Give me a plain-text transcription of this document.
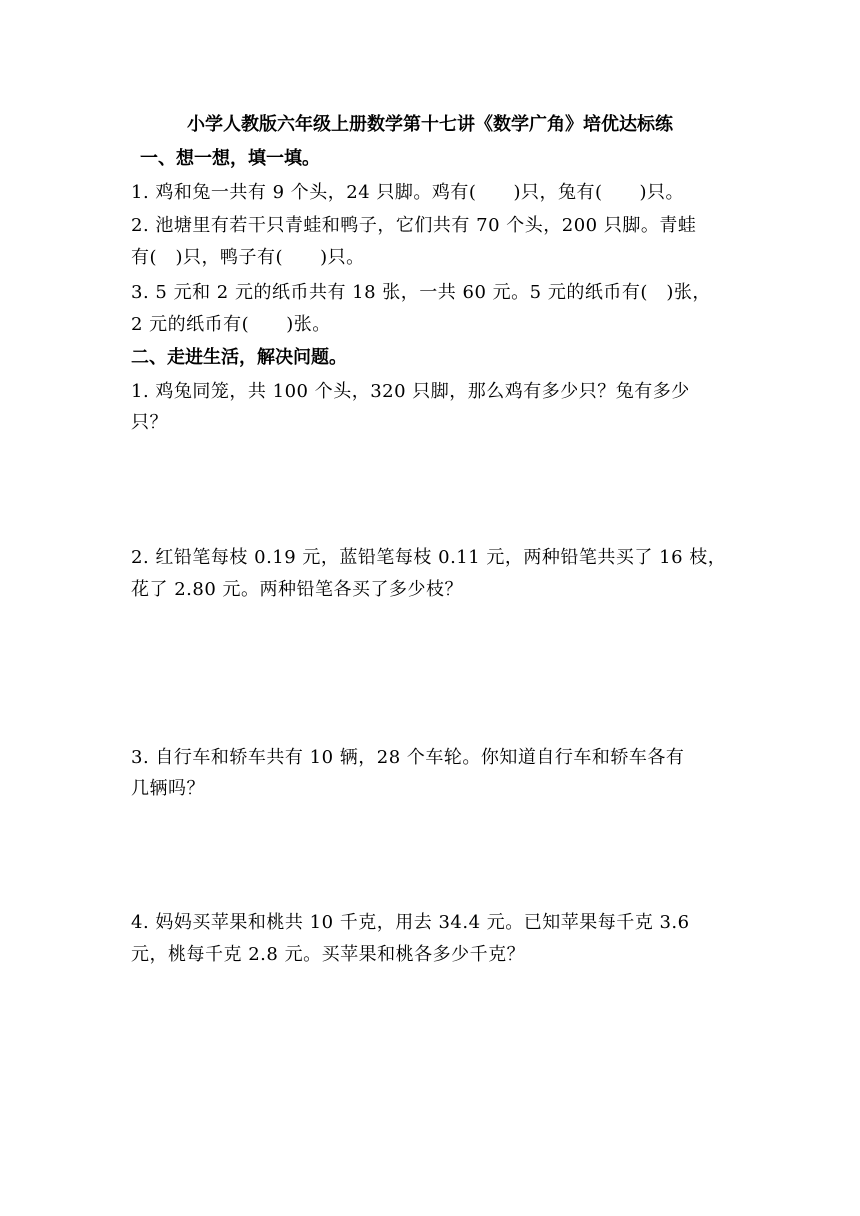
小学人教版六年级上册数学第十七讲《数学广角》培优达标练
一、想一想，填一填。
1. 鸡和兔一共有 9 个头，24 只脚。鸡有(　　)只，兔有(　　)只。
2. 池塘里有若干只青蛙和鸭子，它们共有 70 个头，200 只脚。青蛙
有(　)只，鸭子有(　　)只。
3. 5 元和 2 元的纸币共有 18 张，一共 60 元。5 元的纸币有(　)张，
2 元的纸币有(　　)张。
二、走进生活，解决问题。
1. 鸡兔同笼，共 100 个头，320 只脚，那么鸡有多少只？兔有多少
只？
2. 红铅笔每枝 0.19 元，蓝铅笔每枝 0.11 元，两种铅笔共买了 16 枝，
花了 2.80 元。两种铅笔各买了多少枝？
3. 自行车和轿车共有 10 辆，28 个车轮。你知道自行车和轿车各有
几辆吗？
4. 妈妈买苹果和桃共 10 千克，用去 34.4 元。已知苹果每千克 3.6
元，桃每千克 2.8 元。买苹果和桃各多少千克？
